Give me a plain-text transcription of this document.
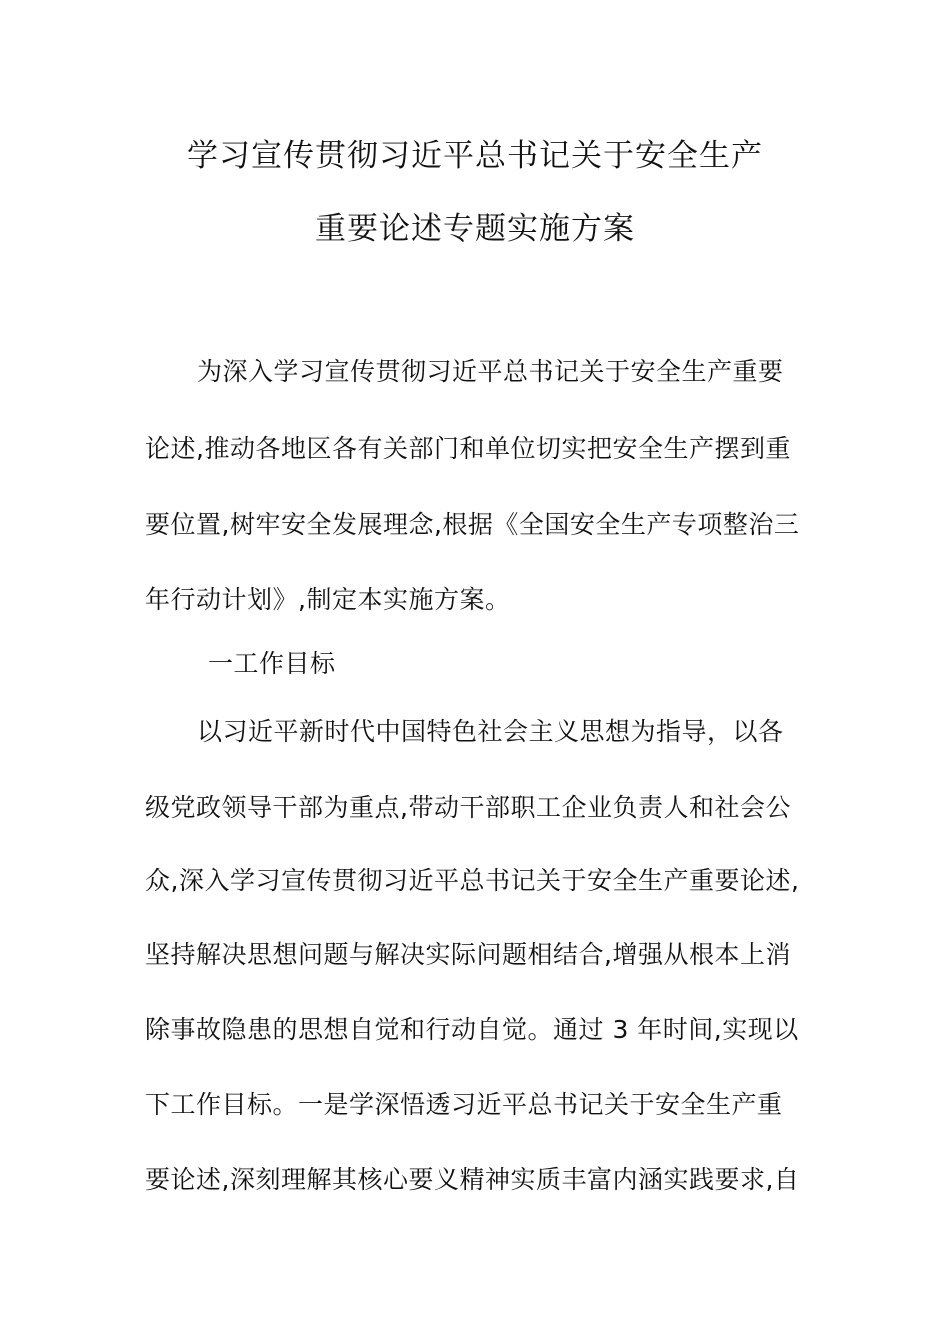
学习宣传贯彻习近平总书记关于安全生产
重要论述专题实施方案
为深入学习宣传贯彻习近平总书记关于安全生产重要
论述,推动各地区各有关部门和单位切实把安全生产摆到重
要位置,树牢安全发展理念,根据《全国安全生产专项整治三
年行动计划》,制定本实施方案。
一工作目标
以习近平新时代中国特色社会主义思想为指导，以各
级党政领导干部为重点,带动干部职工企业负责人和社会公
众,深入学习宣传贯彻习近平总书记关于安全生产重要论述,
坚持解决思想问题与解决实际问题相结合,增强从根本上消
除事故隐患的思想自觉和行动自觉。通过 3 年时间,实现以
下工作目标。一是学深悟透习近平总书记关于安全生产重
要论述,深刻理解其核心要义精神实质丰富内涵实践要求,自
